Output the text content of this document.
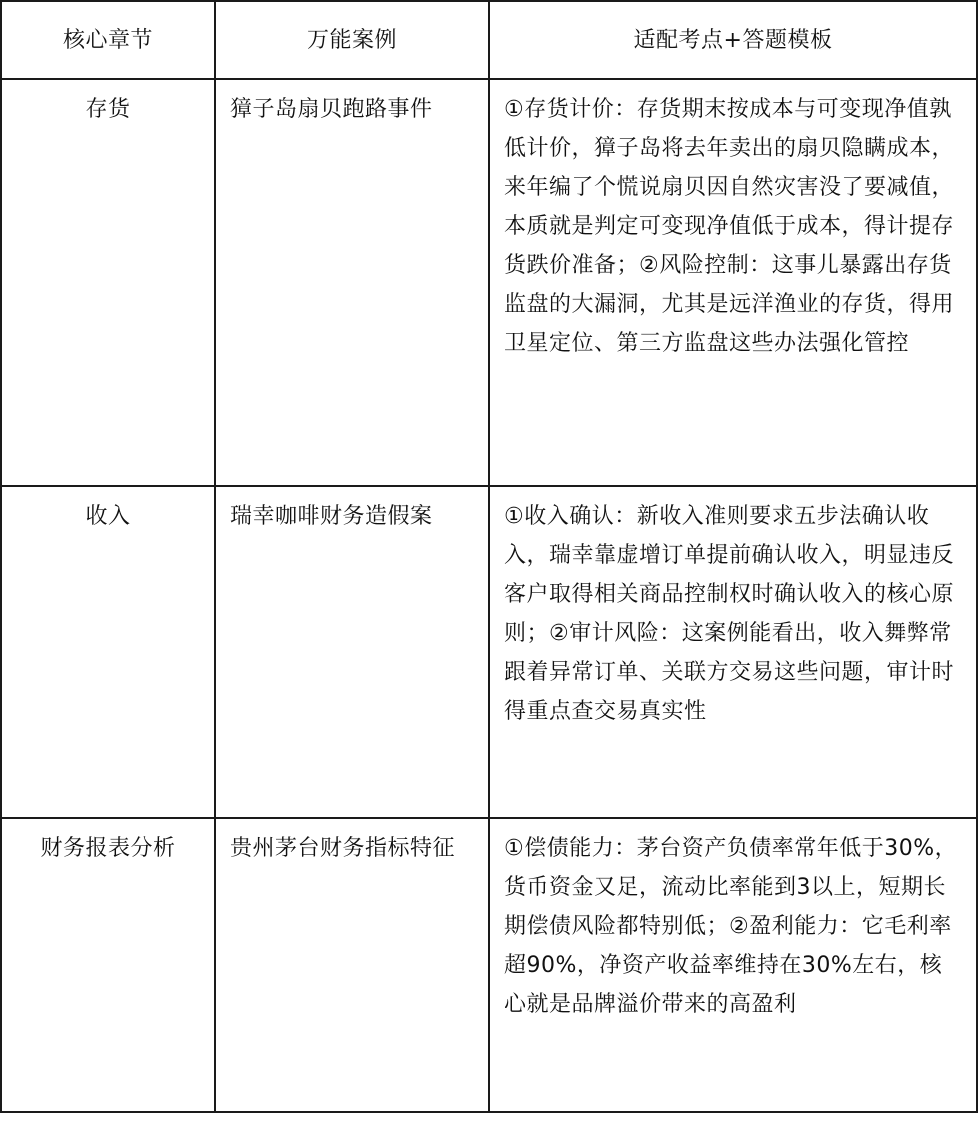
核心章节	万能案例	适配考点+答题模板
存货	獐子岛扇贝跑路事件	①存货计价：存货期末按成本与可变现净值孰低计价，獐子岛将去年卖出的扇贝隐瞒成本，来年编了个慌说扇贝因自然灾害没了要减值，本质就是判定可变现净值低于成本，得计提存货跌价准备；②风险控制：这事儿暴露出存货监盘的大漏洞，尤其是远洋渔业的存货，得用卫星定位、第三方监盘这些办法强化管控
收入	瑞幸咖啡财务造假案	①收入确认：新收入准则要求五步法确认收入，瑞幸靠虚增订单提前确认收入，明显违反客户取得相关商品控制权时确认收入的核心原则；②审计风险：这案例能看出，收入舞弊常跟着异常订单、关联方交易这些问题，审计时得重点查交易真实性
财务报表分析	贵州茅台财务指标特征	①偿债能力：茅台资产负债率常年低于30%，货币资金又足，流动比率能到3以上，短期长期偿债风险都特别低；②盈利能力：它毛利率超90%，净资产收益率维持在30%左右，核心就是品牌溢价带来的高盈利
